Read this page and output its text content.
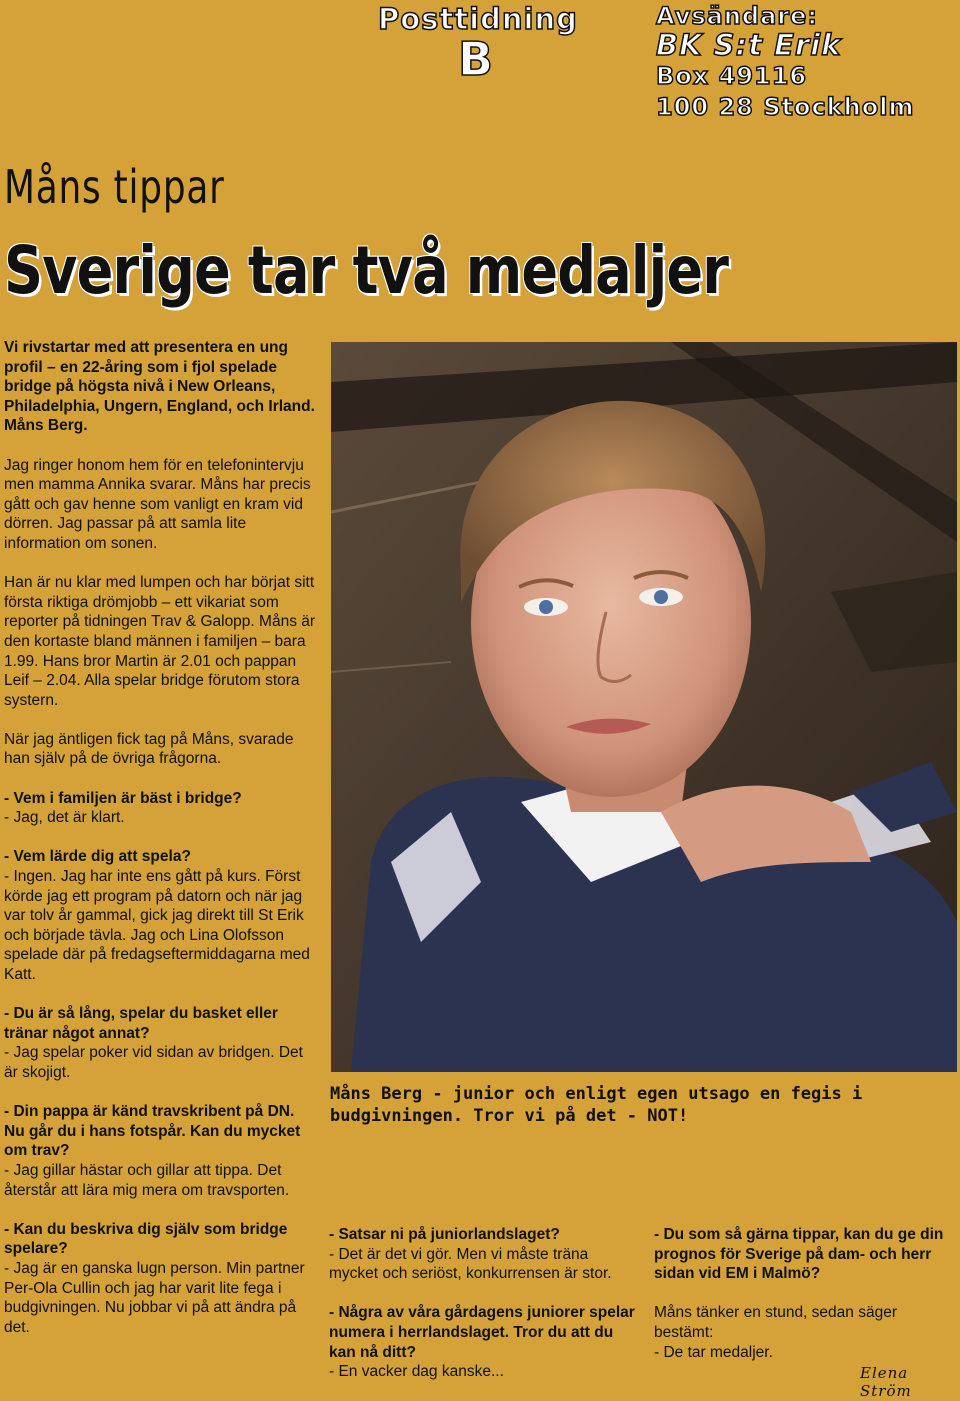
Posttidning
B
Avsändare:
BK S:t Erik
Box 49116
100 28 Stockholm
Måns tippar
Sverige tar två medaljer

Vi rivstartar med att presentera en ung profil – en 22-åring som i fjol spelade bridge på högsta nivå i New Orleans, Philadelphia, Ungern, England, och Irland. Måns Berg.

Jag ringer honom hem för en telefonintervju men mamma Annika svarar. Måns har precis gått och gav henne som vanligt en kram vid dörren. Jag passar på att samla lite information om sonen.

Han är nu klar med lumpen och har börjat sitt första riktiga drömjobb – ett vikariat som reporter på tidningen Trav & Galopp. Måns är den kortaste bland männen i familjen – bara 1.99. Hans bror Martin är 2.01 och pappan Leif – 2.04. Alla spelar bridge förutom stora systern.

När jag äntligen fick tag på Måns, svarade han själv på de övriga frågorna.

- Vem i familjen är bäst i bridge?
- Jag, det är klart.

- Vem lärde dig att spela?
- Ingen. Jag har inte ens gått på kurs. Först körde jag ett program på datorn och när jag var tolv år gammal, gick jag direkt till St Erik och började tävla. Jag och Lina Olofsson spelade där på fredagseftermiddagarna med Katt.

- Du är så lång, spelar du basket eller tränar något annat?
- Jag spelar poker vid sidan av bridgen. Det är skojigt.

- Din pappa är känd travskribent på DN. Nu går du i hans fotspår. Kan du mycket om trav?
- Jag gillar hästar och gillar att tippa. Det återstår att lära mig mera om travsporten.

- Kan du beskriva dig själv som bridge spelare?
- Jag är en ganska lugn person. Min partner Per-Ola Cullin och jag har varit lite fega i budgivningen. Nu jobbar vi på att ändra på det.

Måns Berg - junior och enligt egen utsago en fegis i budgivningen. Tror vi på det - NOT!

- Satsar ni på juniorlandslaget?
- Det är det vi gör. Men vi måste träna mycket och seriöst, konkurrensen är stor.

- Några av våra gårdagens juniorer spelar numera i herrlandslaget. Tror du att du kan nå ditt?
- En vacker dag kanske...

- Du som så gärna tippar, kan du ge din prognos för Sverige på dam- och herr sidan vid EM i Malmö?

Måns tänker en stund, sedan säger bestämt:
- De tar medaljer.

Elena Ström
